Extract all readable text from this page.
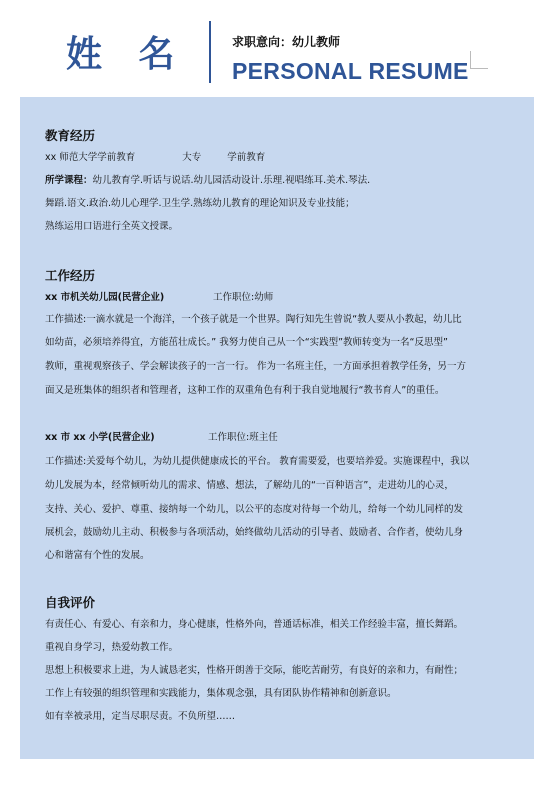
姓 名	求职意向：幼儿教师
PERSONAL RESUME
教育经历
xx 师范大学学前教育	大专	学前教育
所学课程：幼儿教育学.听话与说话.幼儿园活动设计.乐理.视唱练耳.美术.琴法.
舞蹈.语文.政治.幼儿心理学.卫生学.熟练幼儿教育的理论知识及专业技能；
熟练运用口语进行全英文授课。
工作经历
xx 市机关幼儿园(民营企业)	工作职位:幼师
工作描述:一滴水就是一个海洋，一个孩子就是一个世界。陶行知先生曾说“教人要从小教起，幼儿比
如幼苗，必须培养得宜，方能茁壮成长。” 我努力使自己从一个“实践型”教师转变为一名“反思型”
教师，重视观察孩子、学会解读孩子的一言一行。 作为一名班主任，一方面承担着教学任务，另一方
面又是班集体的组织者和管理者，这种工作的双重角色有利于我自觉地履行“教书育人”的重任。
xx 市 xx 小学(民营企业)	工作职位:班主任
工作描述:关爱每个幼儿，为幼儿提供健康成长的平台。 教育需要爱，也要培养爱。实施课程中，我以
幼儿发展为本，经常倾听幼儿的需求、情感、想法，了解幼儿的“一百种语言”，走进幼儿的心灵，
支持、关心、爱护、尊重、接纳每一个幼儿，以公平的态度对待每一个幼儿，给每一个幼儿同样的发
展机会，鼓励幼儿主动、积极参与各项活动，始终做幼儿活动的引导者、鼓励者、合作者，使幼儿身
心和谐富有个性的发展。
自我评价
有责任心、有爱心、有亲和力，身心健康，性格外向，普通话标准，相关工作经验丰富，擅长舞蹈。
重视自身学习，热爱幼教工作。
思想上积极要求上进，为人诚恳老实，性格开朗善于交际，能吃苦耐劳，有良好的亲和力，有耐性；
工作上有较强的组织管理和实践能力，集体观念强，具有团队协作精神和创新意识。
如有幸被录用，定当尽职尽责。不负所望……
